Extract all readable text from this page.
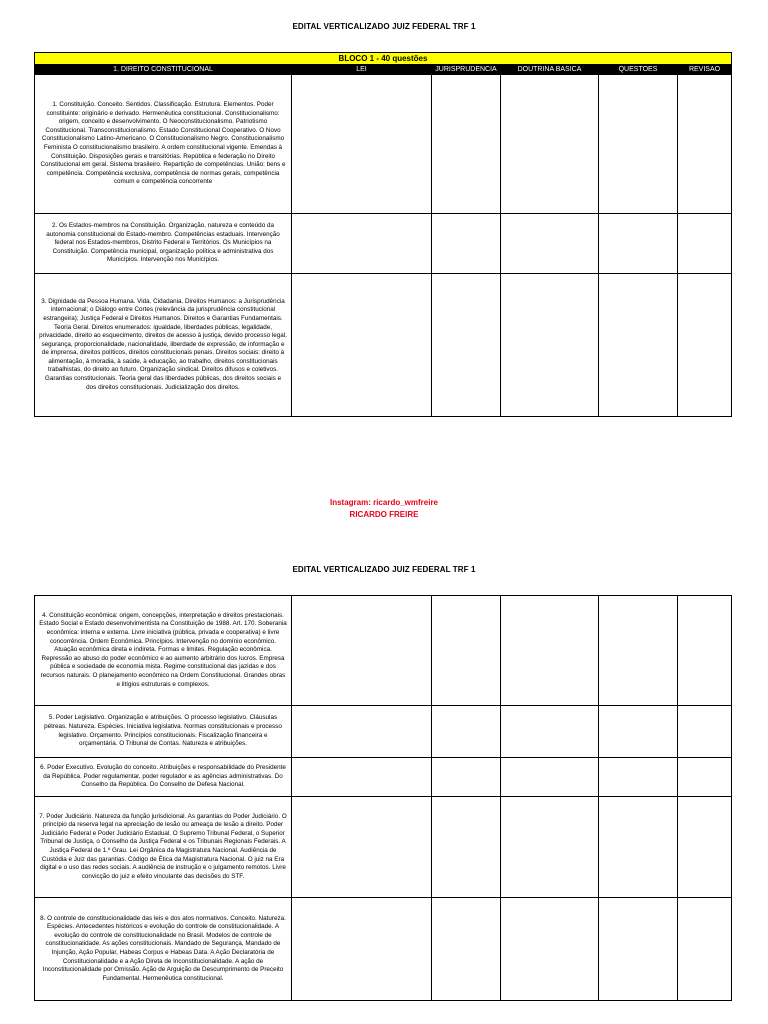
EDITAL VERTICALIZADO JUIZ FEDERAL TRF 1
BLOCO 1 - 40 questões					
1. DIREITO CONSTITUCIONAL	LEI	JURISPRUDENCIA	DOUTRINA BASICA	QUESTOES	REVISAO
1. Constituição. Conceito. Sentidos. Classificação. Estrutura. Elementos. Poder constituinte: originário e derivado. Hermenêutica constitucional. Constitucionalismo: origem, conceito e desenvolvimento. O Neoconstitucionalismo. Patriotismo Constitucional. Transconstitucionalismo. Estado Constitucional Cooperativo. O Novo Constitucionalismo Latino-Americano. O Constitucionalismo Negro. Constitucionalismo Feminista O constitucionalismo brasileiro. A ordem constitucional vigente. Emendas à Constituição. Disposições gerais e transitórias. República e federação no Direito Constitucional em geral. Sistema brasileiro. Repartição de competências. União: bens e competência. Competência exclusiva, competência de normas gerais, competência comum e competência concorrente					
2. Os Estados-membros na Constituição. Organização, natureza e conteúdo da autonomia constitucional do Estado-membro. Competências estaduais. Intervenção federal nos Estados-membros, Distrito Federal e Territórios. Os Municípios na Constituição. Competência municipal, organização política e administrativa dos Municípios. Intervenção nos Municípios.					
3. Dignidade da Pessoa Humana. Vida. Cidadania. Direitos Humanos: a Jurisprudência internacional; o Diálogo entre Cortes (relevância da jurisprudência constitucional estrangeira); Justiça Federal e Direitos Humanos. Direitos e Garantias Fundamentais. Teoria Geral. Direitos enumerados: igualdade, liberdades públicas, legalidade, privacidade, direito ao esquecimento, direitos de acesso à justiça, devido processo legal, segurança, proporcionalidade, nacionalidade, liberdade de expressão, de informação e de imprensa, direitos políticos, direitos constitucionais penais. Direitos sociais: direito à alimentação, à moradia, à saúde, à educação, ao trabalho, direitos constitucionais trabalhistas, do direito ao futuro. Organização sindical. Direitos difusos e coletivos. Garantias constitucionais. Teoria geral das liberdades públicas, dos direitos sociais e dos direitos constitucionais. Judicialização dos direitos.					
Instagram: ricardo_wmfreire
RICARDO FREIRE
EDITAL VERTICALIZADO JUIZ FEDERAL TRF 1
4. Constituição econômica: origem, concepções, interpretação e direitos prestacionais. Estado Social e Estado desenvolvimentista na Constituição de 1988. Art. 170. Soberania econômica: interna e externa. Livre iniciativa (pública, privada e cooperativa) e livre concorrência. Ordem Econômica. Princípios. Intervenção no domínio econômico. Atuação econômica direta e indireta. Formas e limites. Regulação econômica. Repressão ao abuso do poder econômico e ao aumento arbitrário dos lucros. Empresa pública e sociedade de economia mista. Regime constitucional das jazidas e dos recursos naturais. O planejamento econômico na Ordem Constitucional. Grandes obras e litígios estruturais e complexos.					
5. Poder Legislativo. Organização e atribuições. O processo legislativo. Cláusulas pétreas. Natureza. Espécies. Iniciativa legislativa. Normas constitucionais e processo legislativo. Orçamento. Princípios constitucionais. Fiscalização financeira e orçamentária. O Tribunal de Contas. Natureza e atribuições.					
6. Poder Executivo. Evolução do conceito. Atribuições e responsabilidade do Presidente da República. Poder regulamentar, poder regulador e as agências administrativas. Do Conselho da República. Do Conselho de Defesa Nacional.					
7. Poder Judiciário. Natureza da função jurisdicional. As garantias do Poder Judiciário. O princípio da reserva legal na apreciação de lesão ou ameaça de lesão a direito. Poder Judiciário Federal e Poder Judiciário Estadual. O Supremo Tribunal Federal, o Superior Tribunal de Justiça, o Conselho da Justiça Federal e os Tribunais Regionais Federais. A Justiça Federal de 1.º Grau. Lei Orgânica da Magistratura Nacional. Audiência de Custódia e Juiz das garantias. Código de Ética da Magistratura Nacional. O juiz na Era digital e o uso das redes sociais. A audiência de instrução e o julgamento remotos. Livre convicção do juiz e efeito vinculante das decisões do STF.					
8. O controle de constitucionalidade das leis e dos atos normativos. Conceito. Natureza. Espécies. Antecedentes históricos e evolução do controle de constitucionalidade. A evolução do controle de constitucionalidade no Brasil. Modelos de controle de constitucionalidade. As ações constitucionais. Mandado de Segurança, Mandado de Injunção, Ação Popular, Habeas Corpus e Habeas Data. A Ação Declaratória de Constitucionalidade e a Ação Direta de Inconstitucionalidade. A ação de Inconstitucionalidade por Omissão. Ação de Arguição de Descumprimento de Preceito Fundamental. Hermenêutica constitucional.					
